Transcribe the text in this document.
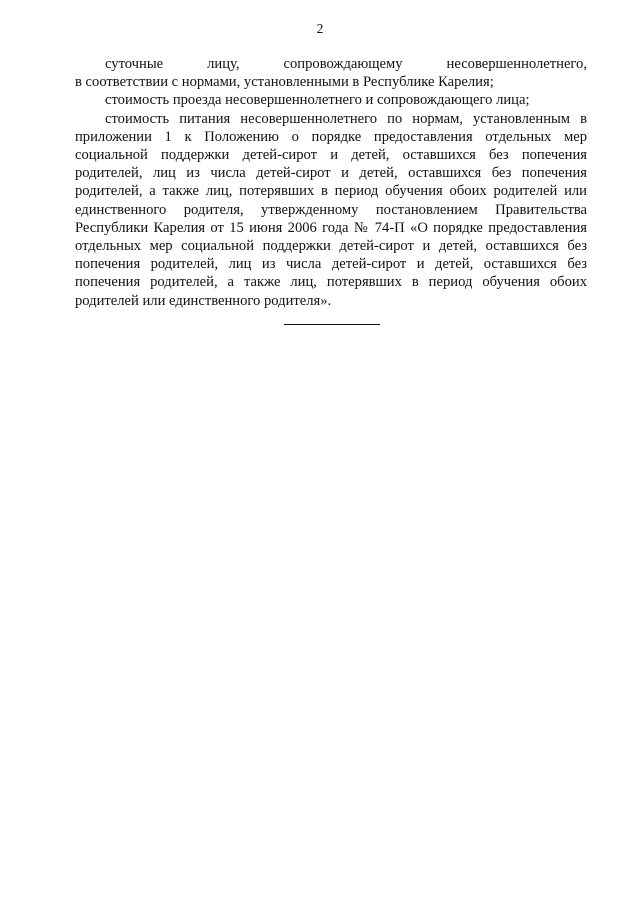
2

суточные лицу, сопровождающему несовершеннолетнего,
в соответствии с нормами, установленными в Республике Карелия;

стоимость проезда несовершеннолетнего и сопровождающего лица;

стоимость питания несовершеннолетнего по нормам, установленным в приложении 1 к Положению о порядке предоставления отдельных мер социальной поддержки детей-сирот и детей, оставшихся без попечения родителей, лиц из числа детей-сирот и детей, оставшихся без попечения родителей, а также лиц, потерявших в период обучения обоих родителей или единственного родителя, утвержденному постановлением Правительства Республики Карелия от 15 июня 2006 года № 74-П «О порядке предоставления отдельных мер социальной поддержки детей-сирот и детей, оставшихся без попечения родителей, лиц из числа детей-сирот и детей, оставшихся без попечения родителей, а также лиц, потерявших в период обучения обоих родителей или единственного родителя».
